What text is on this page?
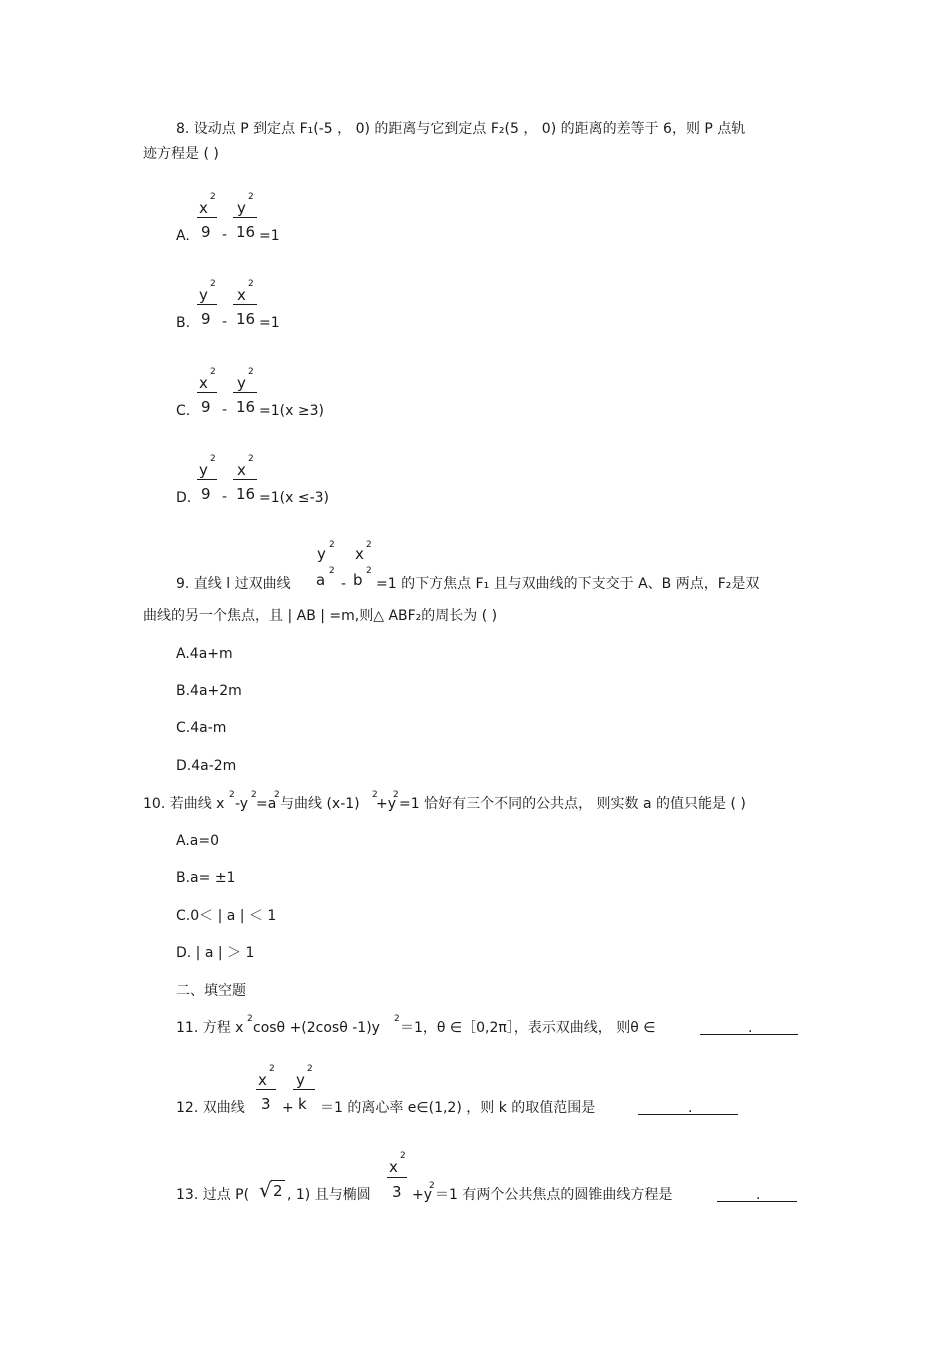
8. 设动点 P 到定点 F₁(-5 ， 0) 的距离与它到定点 F₂(5 ， 0) 的距离的差等于 6，则 P 点轨
迹方程是 ( )
A.
x
2
9 -
y
2
16 =1
B.
y
2
9 -
x
2
16 =1
C.
x
2
9 -
y
2
16 =1(x ≥3)
D.
y
2
9 -
x
2
16 =1(x ≤-3)
9. 直线 l 过双曲线
y 2
a 2
-
x 2
b 2
=1 的下方焦点 F₁ 且与双曲线的下支交于 A、B 两点，F₂是双
曲线的另一个焦点，且 | AB | =m,则△ ABF₂的周长为 ( )
A.4a+m
B.4a+2m
C.4a-m
D.4a-2m
10. 若曲线 x
2
-y
2
=a
2
与曲线 (x-1)
2
+y
2
=1 恰好有三个不同的公共点， 则实数 a 的值只能是 ( )
A.a=0
B.a= ±1
C.0＜ | a | ＜ 1
D. | a | ＞ 1
二、填空题
11. 方程 x
2
cosθ +(2cosθ -1)y
2
＝1，θ ∈［0,2π］，表示双曲线， 则θ ∈	.
12. 双曲线
x
2
3 +
y
2
k ＝1 的离心率 e∈(1,2) ，则 k 的取值范围是	.
13. 过点 P( √ 2 , 1) 且与椭圆
x
2
3 +y
2
＝1 有两个公共焦点的圆锥曲线方程是	.
